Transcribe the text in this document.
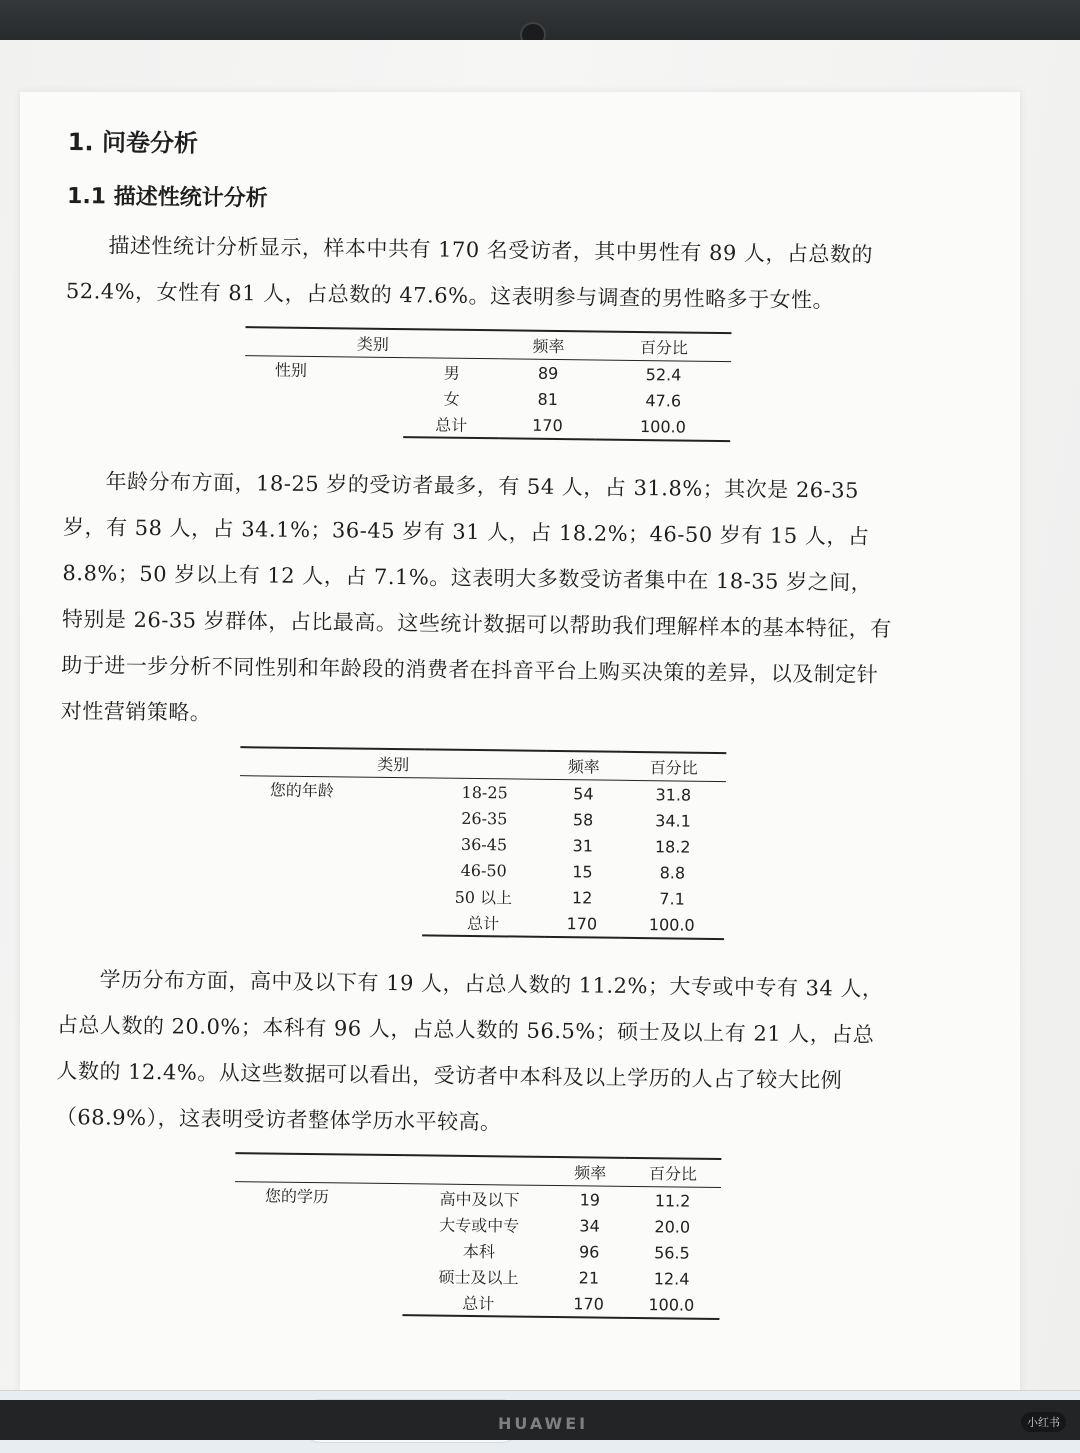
1. 问卷分析
1.1 描述性统计分析

描述性统计分析显示，样本中共有 170 名受访者，其中男性有 89 人，占总数的 52.4%，女性有 81 人，占总数的 47.6%。这表明参与调查的男性略多于女性。

类别		频率	百分比
性别	男	89	52.4
	女	81	47.6
	总计	170	100.0

年龄分布方面，18-25 岁的受访者最多，有 54 人，占 31.8%；其次是 26-35 岁，有 58 人，占 34.1%；36-45 岁有 31 人，占 18.2%；46-50 岁有 15 人，占 8.8%；50 岁以上有 12 人，占 7.1%。这表明大多数受访者集中在 18-35 岁之间，特别是 26-35 岁群体，占比最高。这些统计数据可以帮助我们理解样本的基本特征，有助于进一步分析不同性别和年龄段的消费者在抖音平台上购买决策的差异，以及制定针对性营销策略。

类别		频率	百分比
您的年龄	18-25	54	31.8
	26-35	58	34.1
	36-45	31	18.2
	46-50	15	8.8
	50 以上	12	7.1
	总计	170	100.0

学历分布方面，高中及以下有 19 人，占总人数的 11.2%；大专或中专有 34 人，占总人数的 20.0%；本科有 96 人，占总人数的 56.5%；硕士及以上有 21 人，占总人数的 12.4%。从这些数据可以看出，受访者中本科及以上学历的人占了较大比例（68.9%），这表明受访者整体学历水平较高。

		频率	百分比
您的学历	高中及以下	19	11.2
	大专或中专	34	20.0
	本科	96	56.5
	硕士及以上	21	12.4
	总计	170	100.0
HUAWEI	小红书
